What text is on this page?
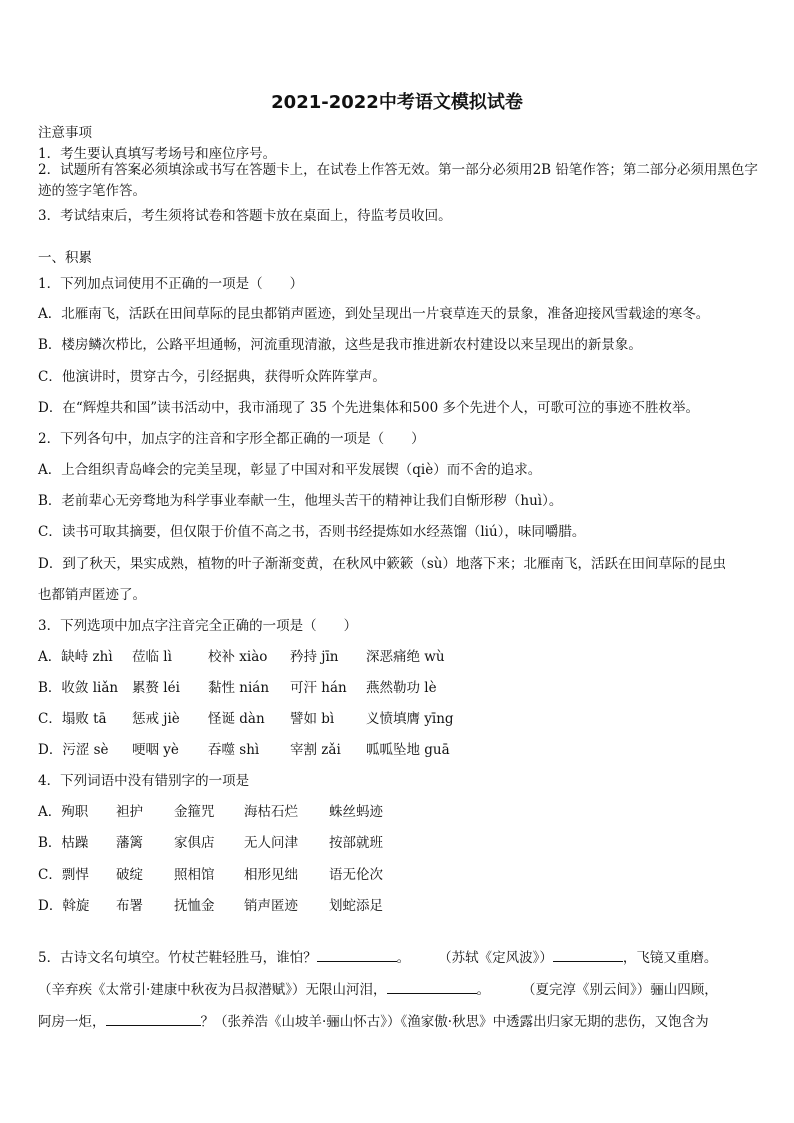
2021-2022中考语文模拟试卷
注意事项
1．考生要认真填写考场号和座位序号。
2．试题所有答案必须填涂或书写在答题卡上，在试卷上作答无效。第一部分必须用2B 铅笔作答；第二部分必须用黑色字迹的签字笔作答。
3．考试结束后，考生须将试卷和答题卡放在桌面上，待监考员收回。
一、积累
1．下列加点词使用不正确的一项是（　　）
A．北雁南飞，活跃在田间草际的昆虫都销声匿迹，到处呈现出一片衰草连天的景象，准备迎接风雪载途的寒冬。
B．楼房鳞次栉比，公路平坦通畅，河流重现清澈，这些是我市推进新农村建设以来呈现出的新景象。
C．他演讲时，贯穿古今，引经据典，获得听众阵阵掌声。
D．在“辉煌共和国”读书活动中，我市涌现了 35 个先进集体和500 多个先进个人，可歌可泣的事迹不胜枚举。
2．下列各句中，加点字的注音和字形全都正确的一项是（　　）
A．上合组织青岛峰会的完美呈现，彰显了中国对和平发展锲（qiè）而不舍的追求。
B．老前辈心无旁骛地为科学事业奉献一生，他埋头苦干的精神让我们自惭形秽（huì）。
C．读书可取其摘要，但仅限于价值不高之书，否则书经提炼如水经蒸馏（liú），味同嚼腊。
D．到了秋天，果实成熟，植物的叶子渐渐变黄，在秋风中簌簌（sù）地落下来；北雁南飞，活跃在田间草际的昆虫
也都销声匿迹了。
3．下列选项中加点字注音完全正确的一项是（　　）
A．缺峙 zhì 莅临 lì	校补 xiào 矜持 jīn 深恶痛绝 wù
B．收敛 liǎn 累赘 léi 黏性 nián 可汗 hán 燕然勒功 lè
C．塌败 tā 惩戒 jiè 怪诞 dàn 譬如 bì 义愤填膺 yīng
D．污涩 sè 哽咽 yè 吞噬 shì 宰割 zǎi 呱呱坠地 guā
4．下列词语中没有错别字的一项是
A．殉职 袒护 金箍咒 海枯石烂 蛛丝蚂迹
B．枯躁 藩篱 家俱店 无人问津 按部就班
C．剽悍 破绽 照相馆 相形见绌 语无伦次
D．斡旋 布署 抚恤金 销声匿迹 划蛇添足
5．古诗文名句填空。竹杖芒鞋轻胜马，谁怕？	。 （苏轼《定风波》）	，飞镜又重磨。
（辛弃疾《太常引·建康中秋夜为吕叔潜赋》）无限山河泪，	。 （夏完淳《别云间》）骊山四顾，
阿房一炬，	？（张养浩《山坡羊·骊山怀古》）《渔家傲·秋思》中透露出归家无期的悲伤，又饱含为
